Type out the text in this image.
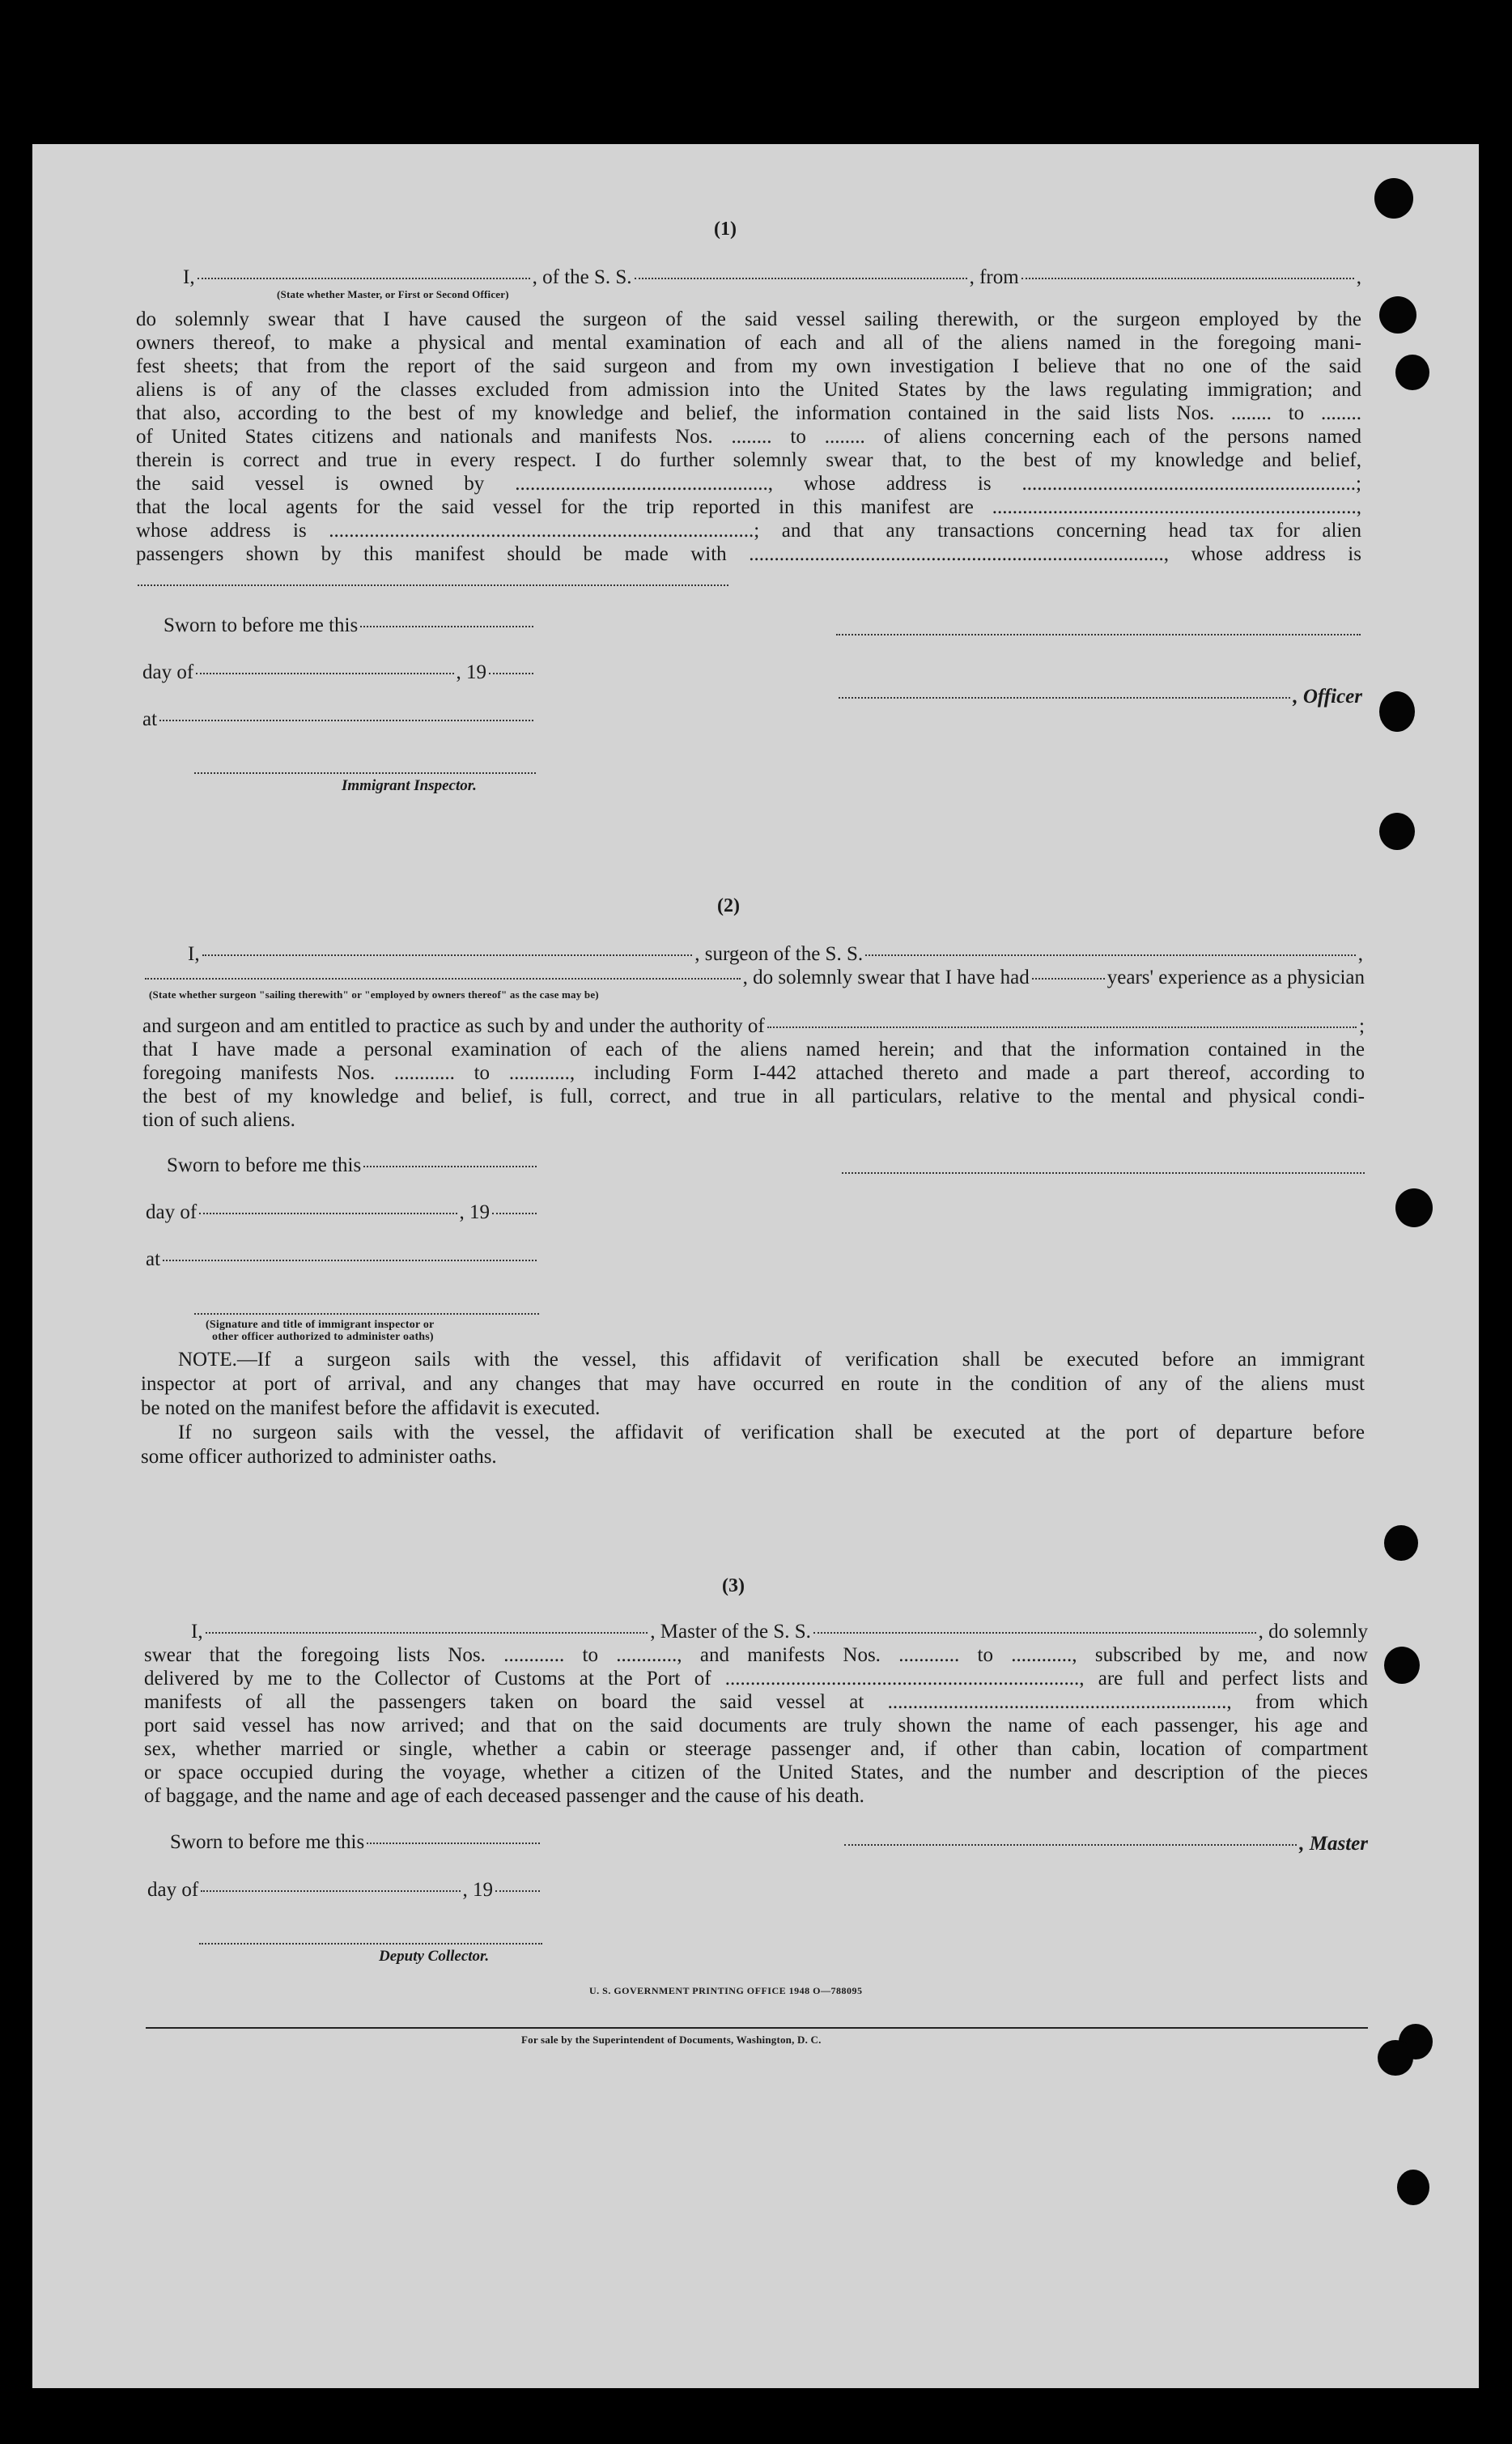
(1)
I,	, of the S. S.	, from	,
(State whether Master, or First or Second Officer)
do solemnly swear that I have caused the surgeon of the said vessel sailing therewith, or the surgeon employed by the
owners thereof, to make a physical and mental examination of each and all of the aliens named in the foregoing mani-
fest sheets; that from the report of the said surgeon and from my own investigation I believe that no one of the said
aliens is of any of the classes excluded from admission into the United States by the laws regulating immigration; and
that also, according to the best of my knowledge and belief, the information contained in the said lists Nos. ........ to ........
of United States citizens and nationals and manifests Nos. ........ to ........ of aliens concerning each of the persons named
therein is correct and true in every respect. I do further solemnly swear that, to the best of my knowledge and belief,
the said vessel is owned by .................................................., whose address is ..................................................................;
that the local agents for the said vessel for the trip reported in this manifest are ........................................................................,
whose address is ....................................................................................; and that any transactions concerning head tax for alien
passengers shown by this manifest should be made with .................................................................................., whose address is
Sworn to before me this
day of	, 19
, Officer
at
Immigrant Inspector.
(2)
I,	, surgeon of the S. S.	,
, do solemnly swear that I have had	years' experience as a physician
(State whether surgeon "sailing therewith" or "employed by owners thereof" as the case may be)
and surgeon and am entitled to practice as such by and under the authority of	;
that I have made a personal examination of each of the aliens named herein; and that the information contained in the
foregoing manifests Nos. ............ to ............, including Form I-442 attached thereto and made a part thereof, according to
the best of my knowledge and belief, is full, correct, and true in all particulars, relative to the mental and physical condi-
tion of such aliens.
Sworn to before me this
day of	, 19
at
(Signature and title of immigrant inspector or
other officer authorized to administer oaths)
NOTE.—If a surgeon sails with the vessel, this affidavit of verification shall be executed before an immigrant
inspector at port of arrival, and any changes that may have occurred en route in the condition of any of the aliens must
be noted on the manifest before the affidavit is executed.
If no surgeon sails with the vessel, the affidavit of verification shall be executed at the port of departure before
some officer authorized to administer oaths.
(3)
I,	, Master of the S. S.	, do solemnly
swear that the foregoing lists Nos. ............ to ............, and manifests Nos. ............ to ............, subscribed by me, and now
delivered by me to the Collector of Customs at the Port of ......................................................................, are full and perfect lists and
manifests of all the passengers taken on board the said vessel at ..................................................................., from which
port said vessel has now arrived; and that on the said documents are truly shown the name of each passenger, his age and
sex, whether married or single, whether a cabin or steerage passenger and, if other than cabin, location of compartment
or space occupied during the voyage, whether a citizen of the United States, and the number and description of the pieces
of baggage, and the name and age of each deceased passenger and the cause of his death.
Sworn to before me this	, Master
day of	, 19
Deputy Collector.
U. S. GOVERNMENT PRINTING OFFICE 1948 O—788095
For sale by the Superintendent of Documents, Washington, D. C.
